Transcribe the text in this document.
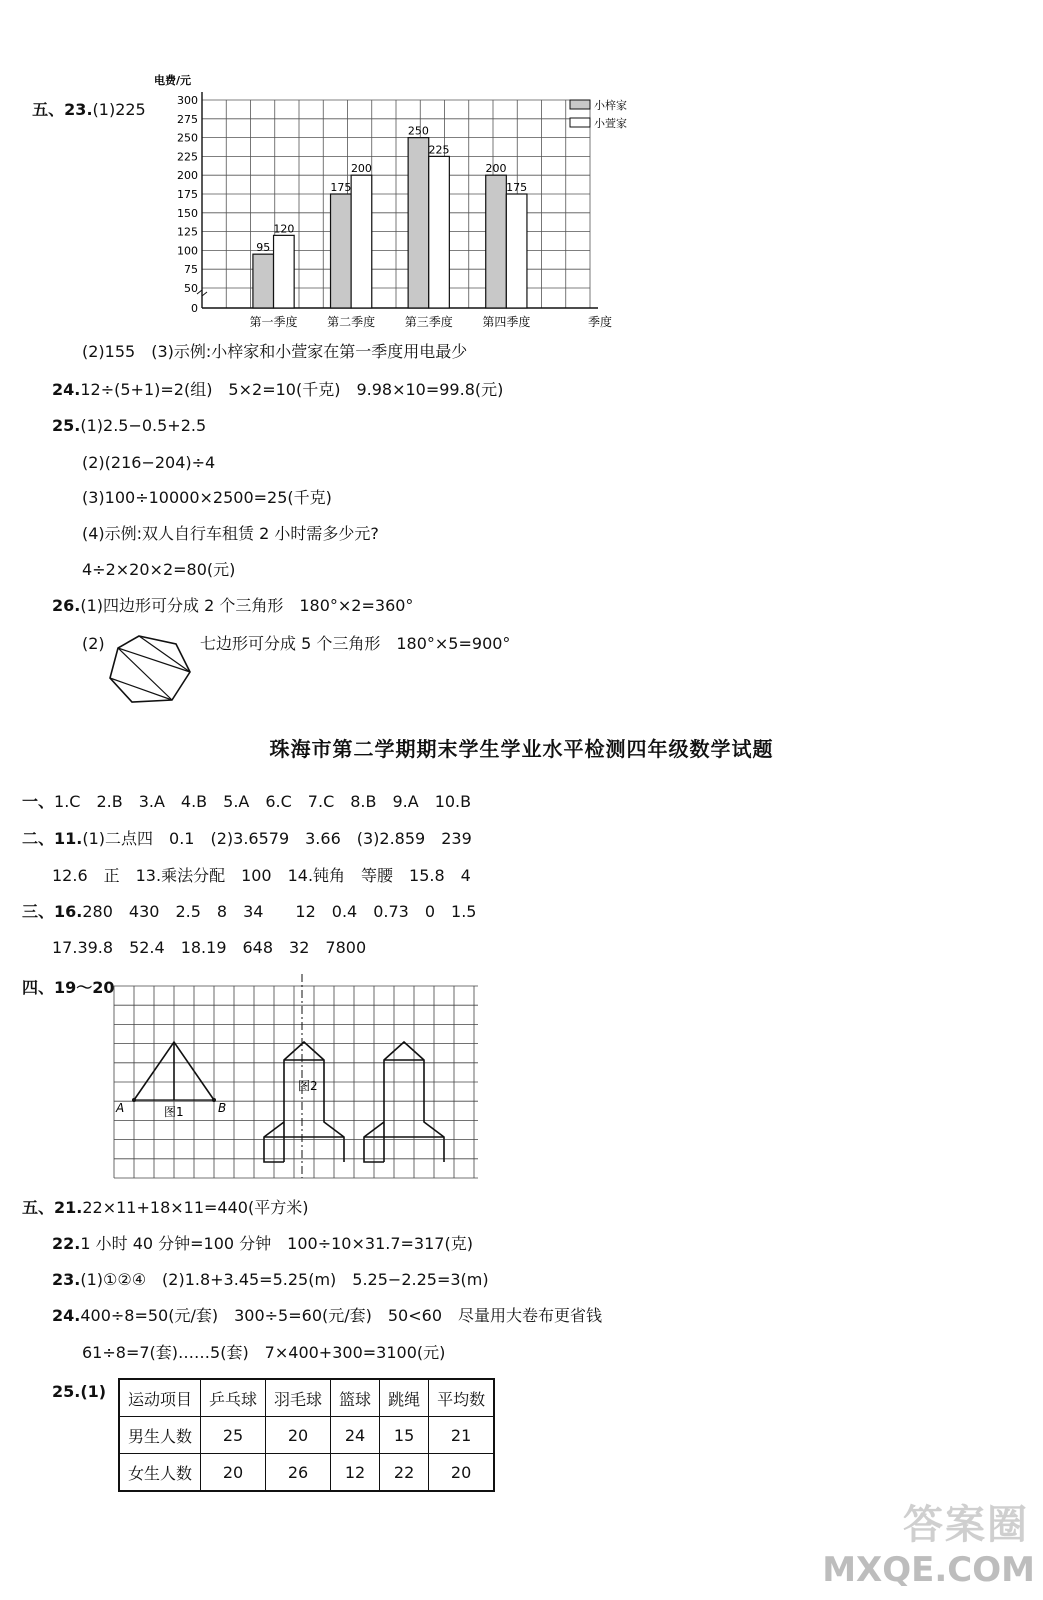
五、23.(1)225

0
50
75
100
125
150
175
200
225
250
275
300
电费/元
季度
95
120
第一季度
175
200
第二季度
250
225
第三季度
200
175
第四季度
小梓家
小萱家
(2)155　(3)示例:小梓家和小萱家在第一季度用电最少
24.12÷(5+1)=2(组)　5×2=10(千克)　9.98×10=99.8(元)
25.(1)2.5−0.5+2.5
(2)(216−204)÷4
(3)100÷10000×2500=25(千克)
(4)示例:双人自行车租赁 2 小时需多少元?
4÷2×20×2=80(元)
26.(1)四边形可分成 2 个三角形　180°×2=360°
(2)	七边形可分成 5 个三角形　180°×5=900°
珠海市第二学期期末学生学业水平检测四年级数学试题
一、1.C　2.B　3.A　4.B　5.A　6.C　7.C　8.B　9.A　10.B
二、11.(1)二点四　0.1　(2)3.6579　3.66　(3)2.859　239
12.6　正　13.乘法分配　100　14.钝角　等腰　15.8　4
三、16.280　430　2.5　8　34　　12　0.4　0.73　0　1.5
17.39.8　52.4　18.19　648　32　7800
四、19～20
A	B
图1
图2
五、21.22×11+18×11=440(平方米)
22.1 小时 40 分钟=100 分钟　100÷10×31.7=317(克)
23.(1)①②④　(2)1.8+3.45=5.25(m)　5.25−2.25=3(m)
24.400÷8=50(元/套)　300÷5=60(元/套)　50<60　尽量用大卷布更省钱
61÷8=7(套)……5(套)　7×400+300=3100(元)
25.(1) 运动项目	乒乓球	羽毛球	篮球	跳绳	平均数
男生人数	25	20	24	15	21
女生人数	20	26	12	22	20
答案圈
MXQE.COM
